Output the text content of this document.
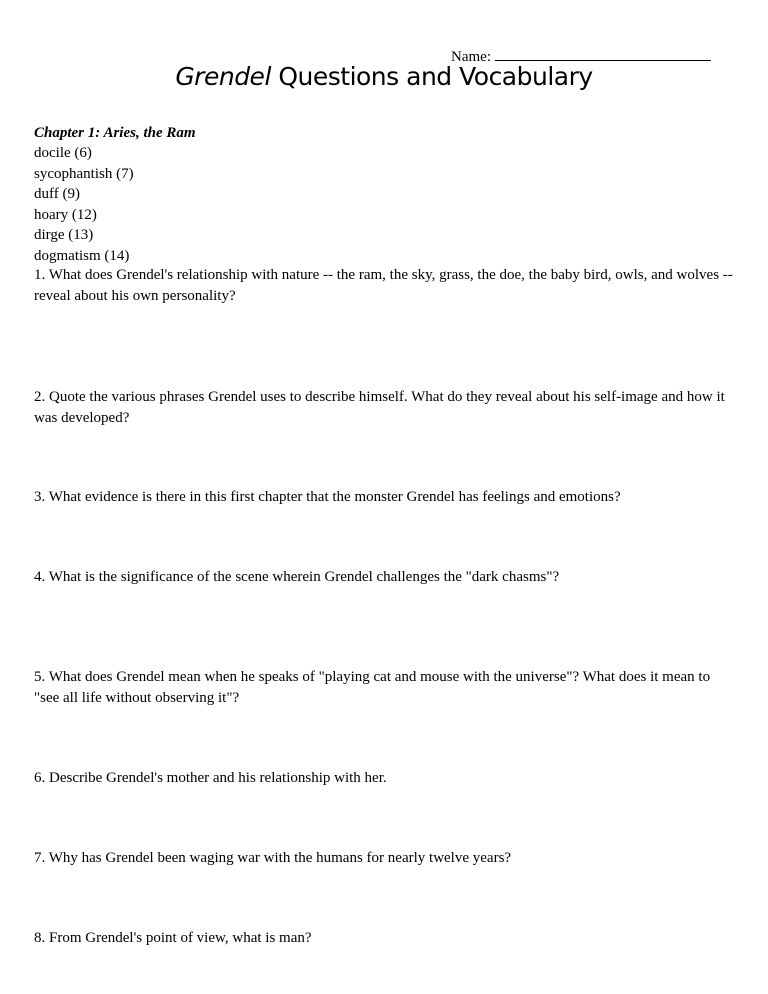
Name:
Grendel Questions and Vocabulary
Chapter 1: Aries, the Ram
docile (6)
sycophantish (7)
duff (9)
hoary (12)
dirge (13)
dogmatism (14)
1. What does Grendel's relationship with nature -- the ram, the sky, grass, the doe, the baby bird, owls, and wolves -- reveal about his own personality?
2. Quote the various phrases Grendel uses to describe himself. What do they reveal about his self-image and how it was developed?
3. What evidence is there in this first chapter that the monster Grendel has feelings and emotions?
4. What is the significance of the scene wherein Grendel challenges the "dark chasms"?
5. What does Grendel mean when he speaks of "playing cat and mouse with the universe"? What does it mean to "see all life without observing it"?
6. Describe Grendel's mother and his relationship with her.
7. Why has Grendel been waging war with the humans for nearly twelve years?
8. From Grendel's point of view, what is man?
